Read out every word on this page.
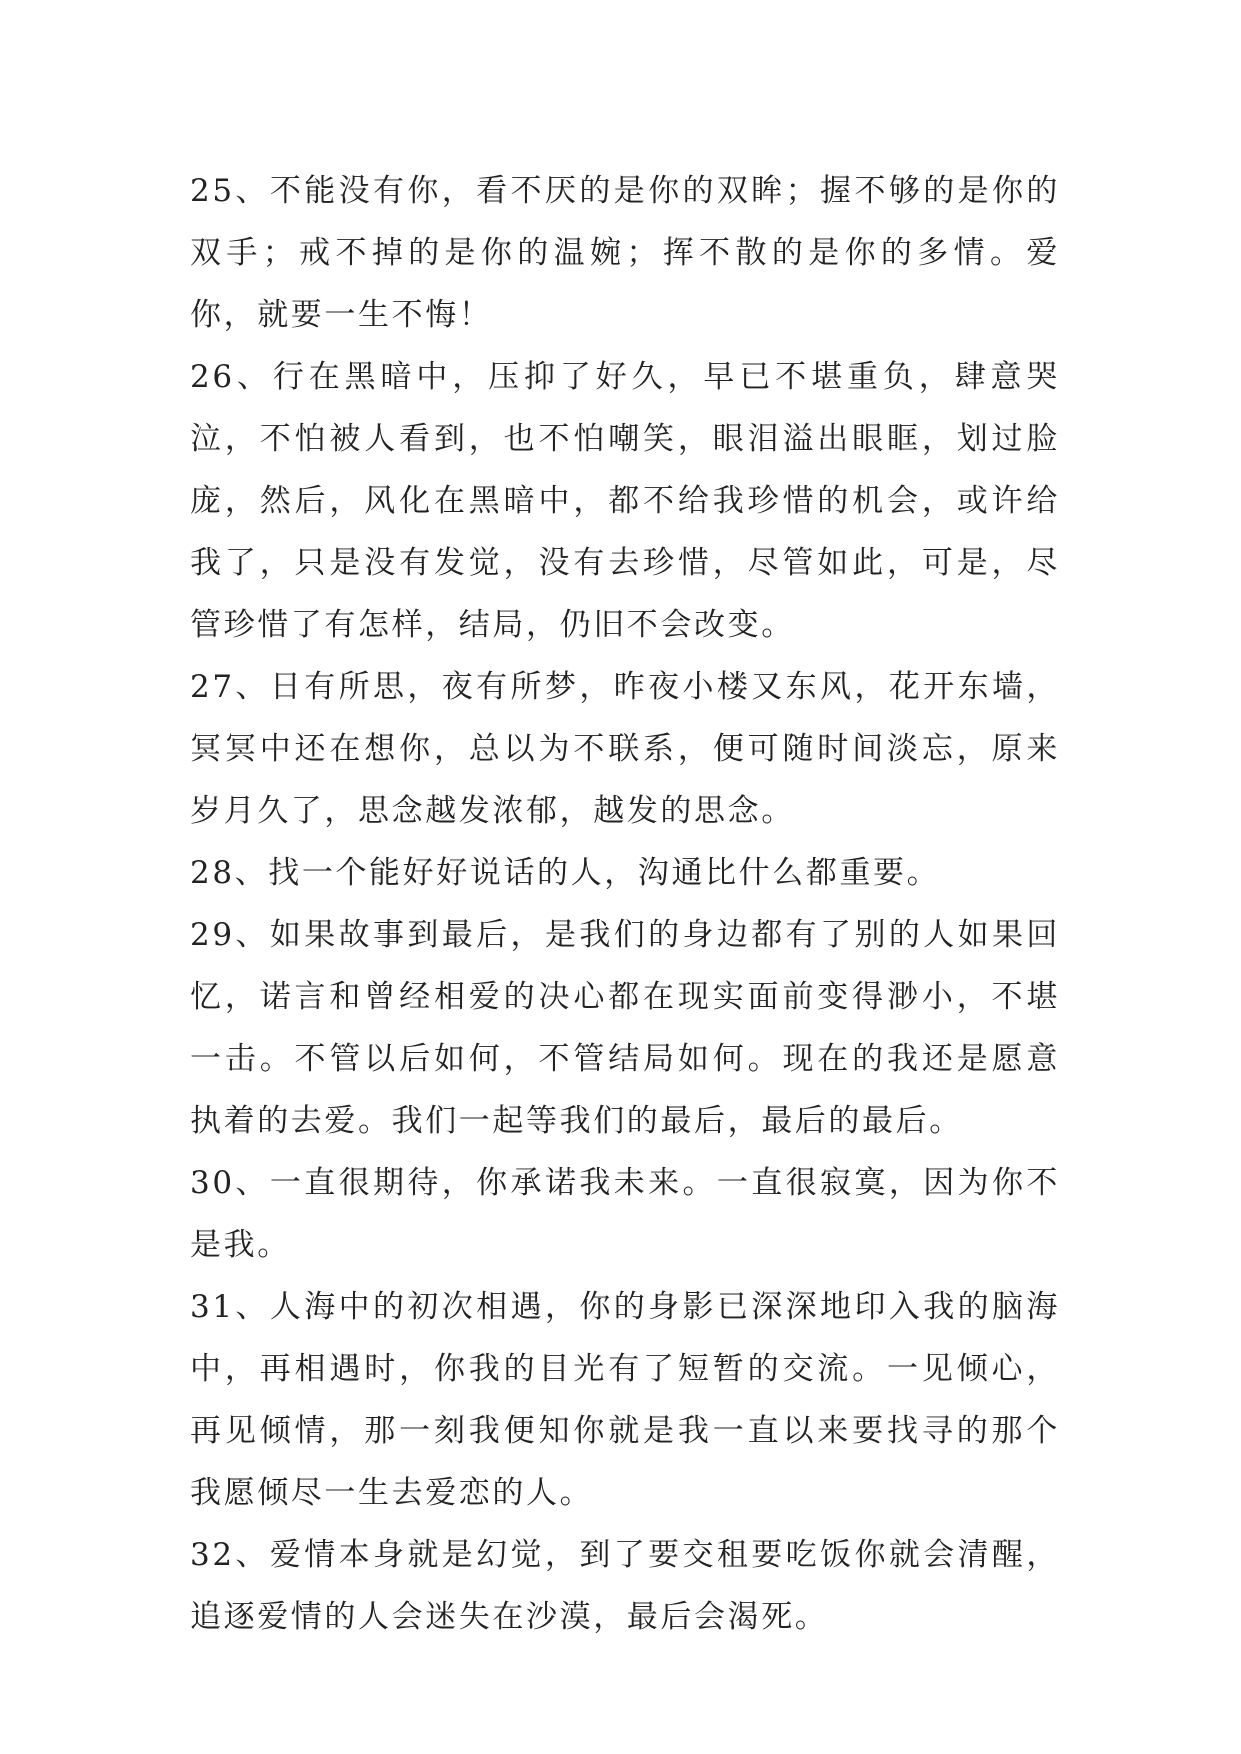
25、不能没有你，看不厌的是你的双眸；握不够的是你的双手；戒不掉的是你的温婉；挥不散的是你的多情。爱你，就要一生不悔！

26、行在黑暗中，压抑了好久，早已不堪重负，肆意哭泣，不怕被人看到，也不怕嘲笑，眼泪溢出眼眶，划过脸庞，然后，风化在黑暗中，都不给我珍惜的机会，或许给我了，只是没有发觉，没有去珍惜，尽管如此，可是，尽管珍惜了有怎样，结局，仍旧不会改变。

27、日有所思，夜有所梦，昨夜小楼又东风，花开东墙，冥冥中还在想你，总以为不联系，便可随时间淡忘，原来岁月久了，思念越发浓郁，越发的思念。

28、找一个能好好说话的人，沟通比什么都重要。

29、如果故事到最后，是我们的身边都有了别的人如果回忆，诺言和曾经相爱的决心都在现实面前变得渺小，不堪一击。不管以后如何，不管结局如何。现在的我还是愿意执着的去爱。我们一起等我们的最后，最后的最后。

30、一直很期待，你承诺我未来。一直很寂寞，因为你不是我。

31、人海中的初次相遇，你的身影已深深地印入我的脑海中，再相遇时，你我的目光有了短暂的交流。一见倾心，再见倾情，那一刻我便知你就是我一直以来要找寻的那个我愿倾尽一生去爱恋的人。

32、爱情本身就是幻觉，到了要交租要吃饭你就会清醒，追逐爱情的人会迷失在沙漠，最后会渴死。
